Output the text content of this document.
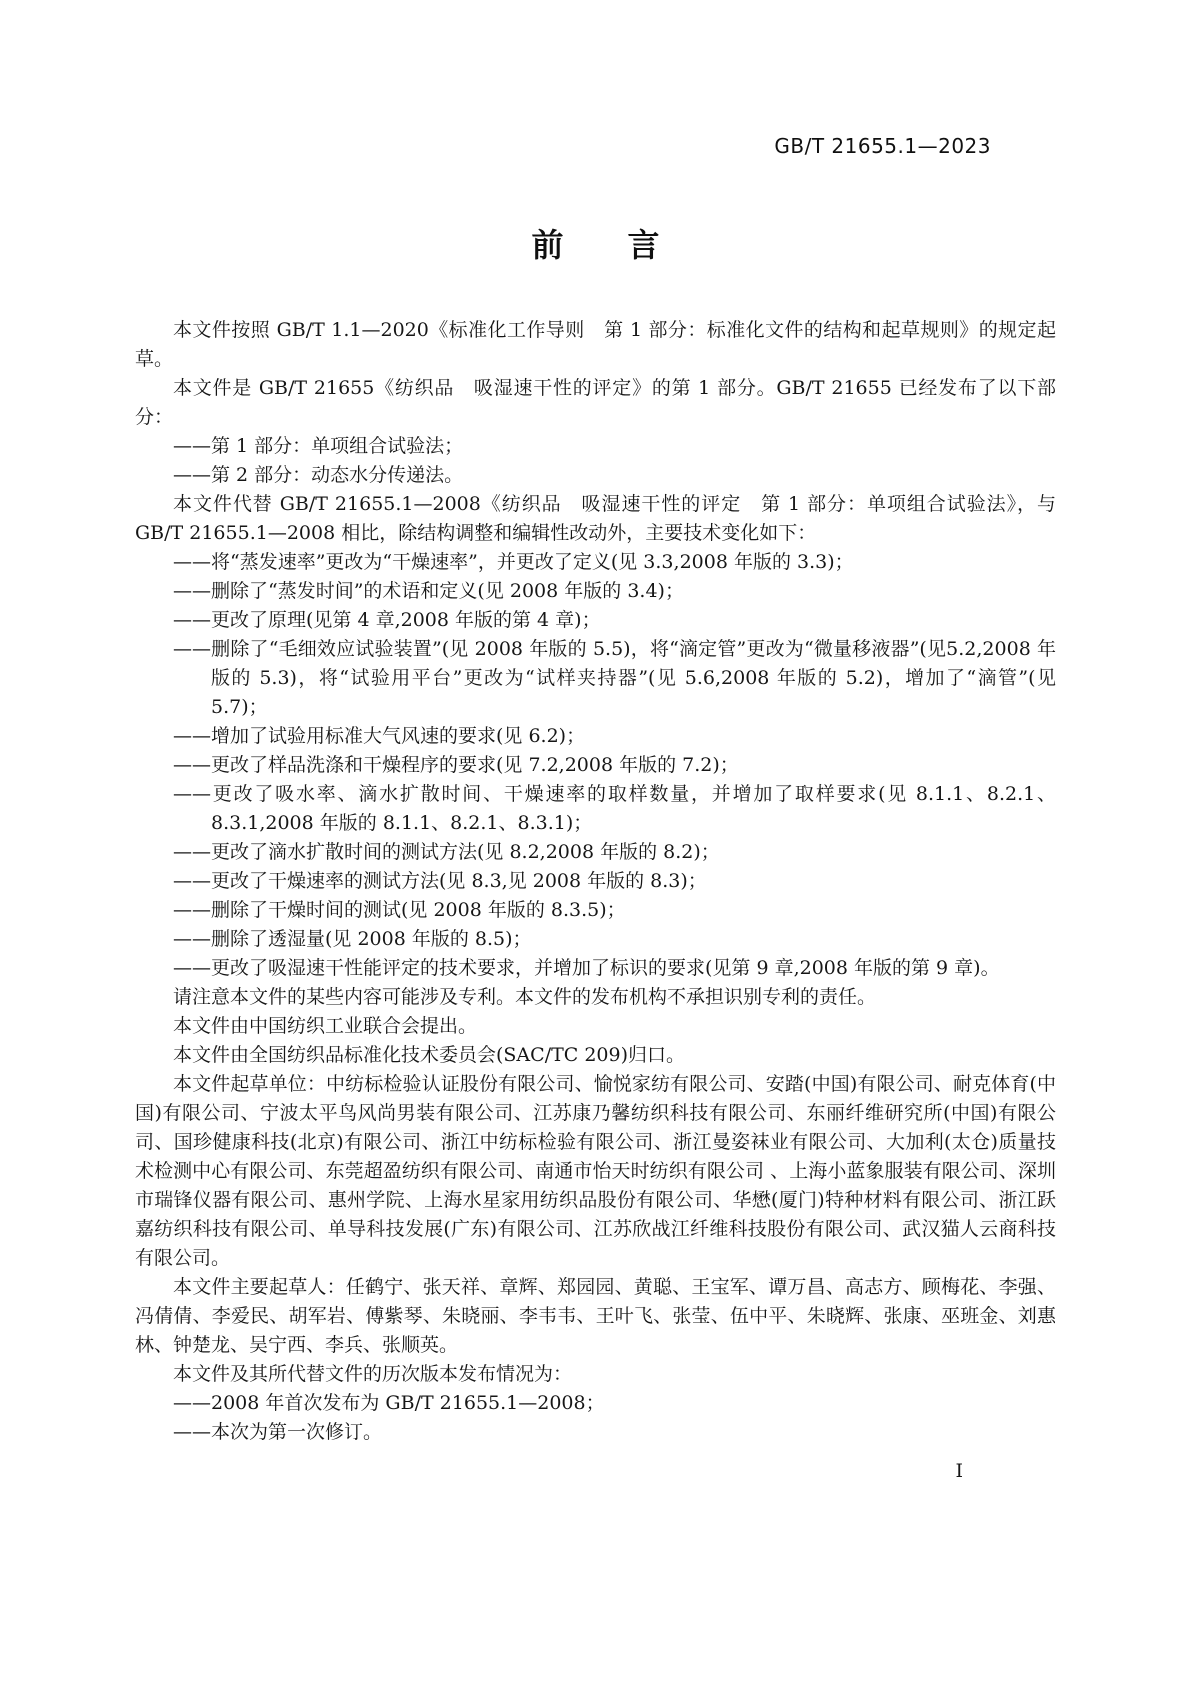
GB/T 21655.1—2023
前　　言

本文件按照 GB/T 1.1—2020《标准化工作导则　第 1 部分：标准化文件的结构和起草规则》的规定起草。

本文件是 GB/T 21655《纺织品　吸湿速干性的评定》的第 1 部分。GB/T 21655 已经发布了以下部分：

——第 1 部分：单项组合试验法；

——第 2 部分：动态水分传递法。

本文件代替 GB/T 21655.1—2008《纺织品　吸湿速干性的评定　第 1 部分：单项组合试验法》，与 GB/T 21655.1—2008 相比，除结构调整和编辑性改动外，主要技术变化如下：

——将“蒸发速率”更改为“干燥速率”，并更改了定义(见 3.3,2008 年版的 3.3)；

——删除了“蒸发时间”的术语和定义(见 2008 年版的 3.4)；

——更改了原理(见第 4 章,2008 年版的第 4 章)；

——删除了“毛细效应试验装置”(见 2008 年版的 5.5)，将“滴定管”更改为“微量移液器”(见5.2,2008 年版的 5.3)，将“试验用平台”更改为“试样夹持器”(见 5.6,2008 年版的 5.2)，增加了“滴管”(见 5.7)；

——增加了试验用标准大气风速的要求(见 6.2)；

——更改了样品洗涤和干燥程序的要求(见 7.2,2008 年版的 7.2)；

——更改了吸水率、滴水扩散时间、干燥速率的取样数量，并增加了取样要求(见 8.1.1、8.2.1、8.3.1,2008 年版的 8.1.1、8.2.1、8.3.1)；

——更改了滴水扩散时间的测试方法(见 8.2,2008 年版的 8.2)；

——更改了干燥速率的测试方法(见 8.3,见 2008 年版的 8.3)；

——删除了干燥时间的测试(见 2008 年版的 8.3.5)；

——删除了透湿量(见 2008 年版的 8.5)；

——更改了吸湿速干性能评定的技术要求，并增加了标识的要求(见第 9 章,2008 年版的第 9 章)。

请注意本文件的某些内容可能涉及专利。本文件的发布机构不承担识别专利的责任。

本文件由中国纺织工业联合会提出。

本文件由全国纺织品标准化技术委员会(SAC/TC 209)归口。

本文件起草单位：中纺标检验认证股份有限公司、愉悦家纺有限公司、安踏(中国)有限公司、耐克体育(中国)有限公司、宁波太平鸟风尚男装有限公司、江苏康乃馨纺织科技有限公司、东丽纤维研究所(中国)有限公司、国珍健康科技(北京)有限公司、浙江中纺标检验有限公司、浙江曼姿袜业有限公司、大加利(太仓)质量技术检测中心有限公司、东莞超盈纺织有限公司、南通市怡天时纺织有限公司 、上海小蓝象服装有限公司、深圳市瑞锋仪器有限公司、惠州学院、上海水星家用纺织品股份有限公司、华懋(厦门)特种材料有限公司、浙江跃嘉纺织科技有限公司、单导科技发展(广东)有限公司、江苏欣战江纤维科技股份有限公司、武汉猫人云商科技有限公司。

本文件主要起草人：任鹤宁、张天祥、章辉、郑园园、黄聪、王宝军、谭万昌、高志方、顾梅花、李强、冯倩倩、李爱民、胡军岩、傅紫琴、朱晓丽、李韦韦、王叶飞、张莹、伍中平、朱晓辉、张康、巫班金、刘惠林、钟楚龙、吴宁西、李兵、张顺英。

本文件及其所代替文件的历次版本发布情况为：

——2008 年首次发布为 GB/T 21655.1—2008；

——本次为第一次修订。

I
